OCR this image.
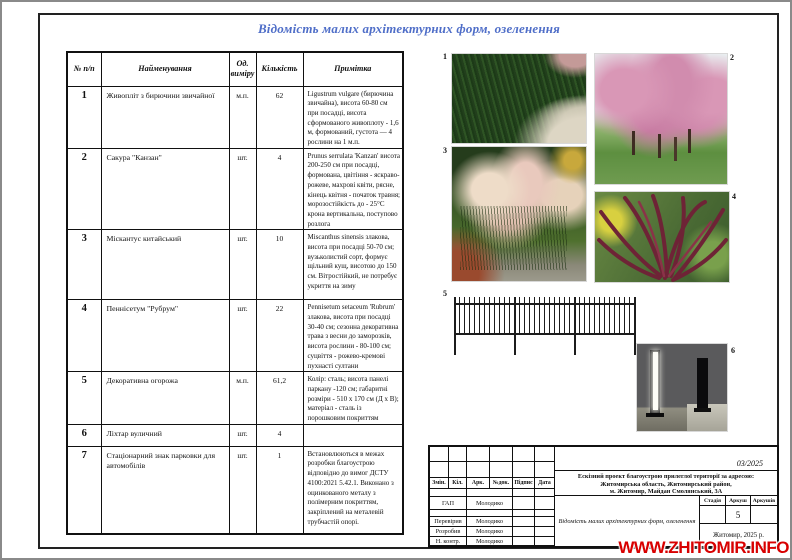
Відомість малих архітектурних форм, озеленення
№ п/п	Найменування	Од. виміру	Кількість	Примітка
1	Живопліт з бирючини звичайної	м.п.	62	Ligustrum vulgare (бирючина звичайна), висота 60-80 см при посадці, висота сформованого живоплоту - 1,6 м, формований, густота — 4 рослини на 1 м.п.
2	Сакура "Канзан"	шт.	4	Prunus serrulata 'Kanzan' висота 200-250 см при посадці, формована, цвітіння - яскраво-рожеве, махрові квіти, рясне, кінець квітня - початок травня; морозостійкість до - 25°C крона вертикальна, поступово розлога
3	Міскантус китайський	шт.	10	Miscanthus sinensis злакова, висота при посадці 50-70 см; вузьколистий сорт, формує щільний кущ, висотою до 150 см. Вітростійкий, не потребує укриття на зиму
4	Пеннісетум "Рубрум"	шт.	22	Pennisetum setaceum 'Rubrum' злакова, висота при посадці 30-40 см; сезонна декоративна трава з весни до заморозків, висота рослини - 80-100 см; суцвіття - рожево-кремові пухнасті султани
5	Декоративна огорожа	м.п.	61,2	Колір: сталь; висота панелі паркану -120 см; габаритні розміри - 510 х 170 см (Д х В); матеріал - сталь із порошковим покриттям
6	Ліхтар вуличний	шт.	4	
7	Стаціонарний знак парковки для автомобілів	шт.	1	Встановлюються в межах розробки благоустрою відповідно до вимог ДСТУ 4100:2021 5.42.1. Виконано з оцинкованого металу з полімерним покриттям, закріплений на металевій трубчастій опорі.
1	2
3
4
5
6
Змін.	Кіл.	Арк.	№док. Підпис Дата
ГАП	Молодико
Перевірив	Молодико
Розробив	Молодико
Н. контр.	Молодико
03/2025
Ескізний проект благоустрою прилеглої території за адресою:
Житомирська область, Житомирський район,
м. Житомир, Майдан Смолянський, 3А
Відомість малих архітектурних форм, озеленення
Стадія	Аркуш	Аркушів
5
Житомир, 2025 р.
WWW.ZHITOMIR.INFO
